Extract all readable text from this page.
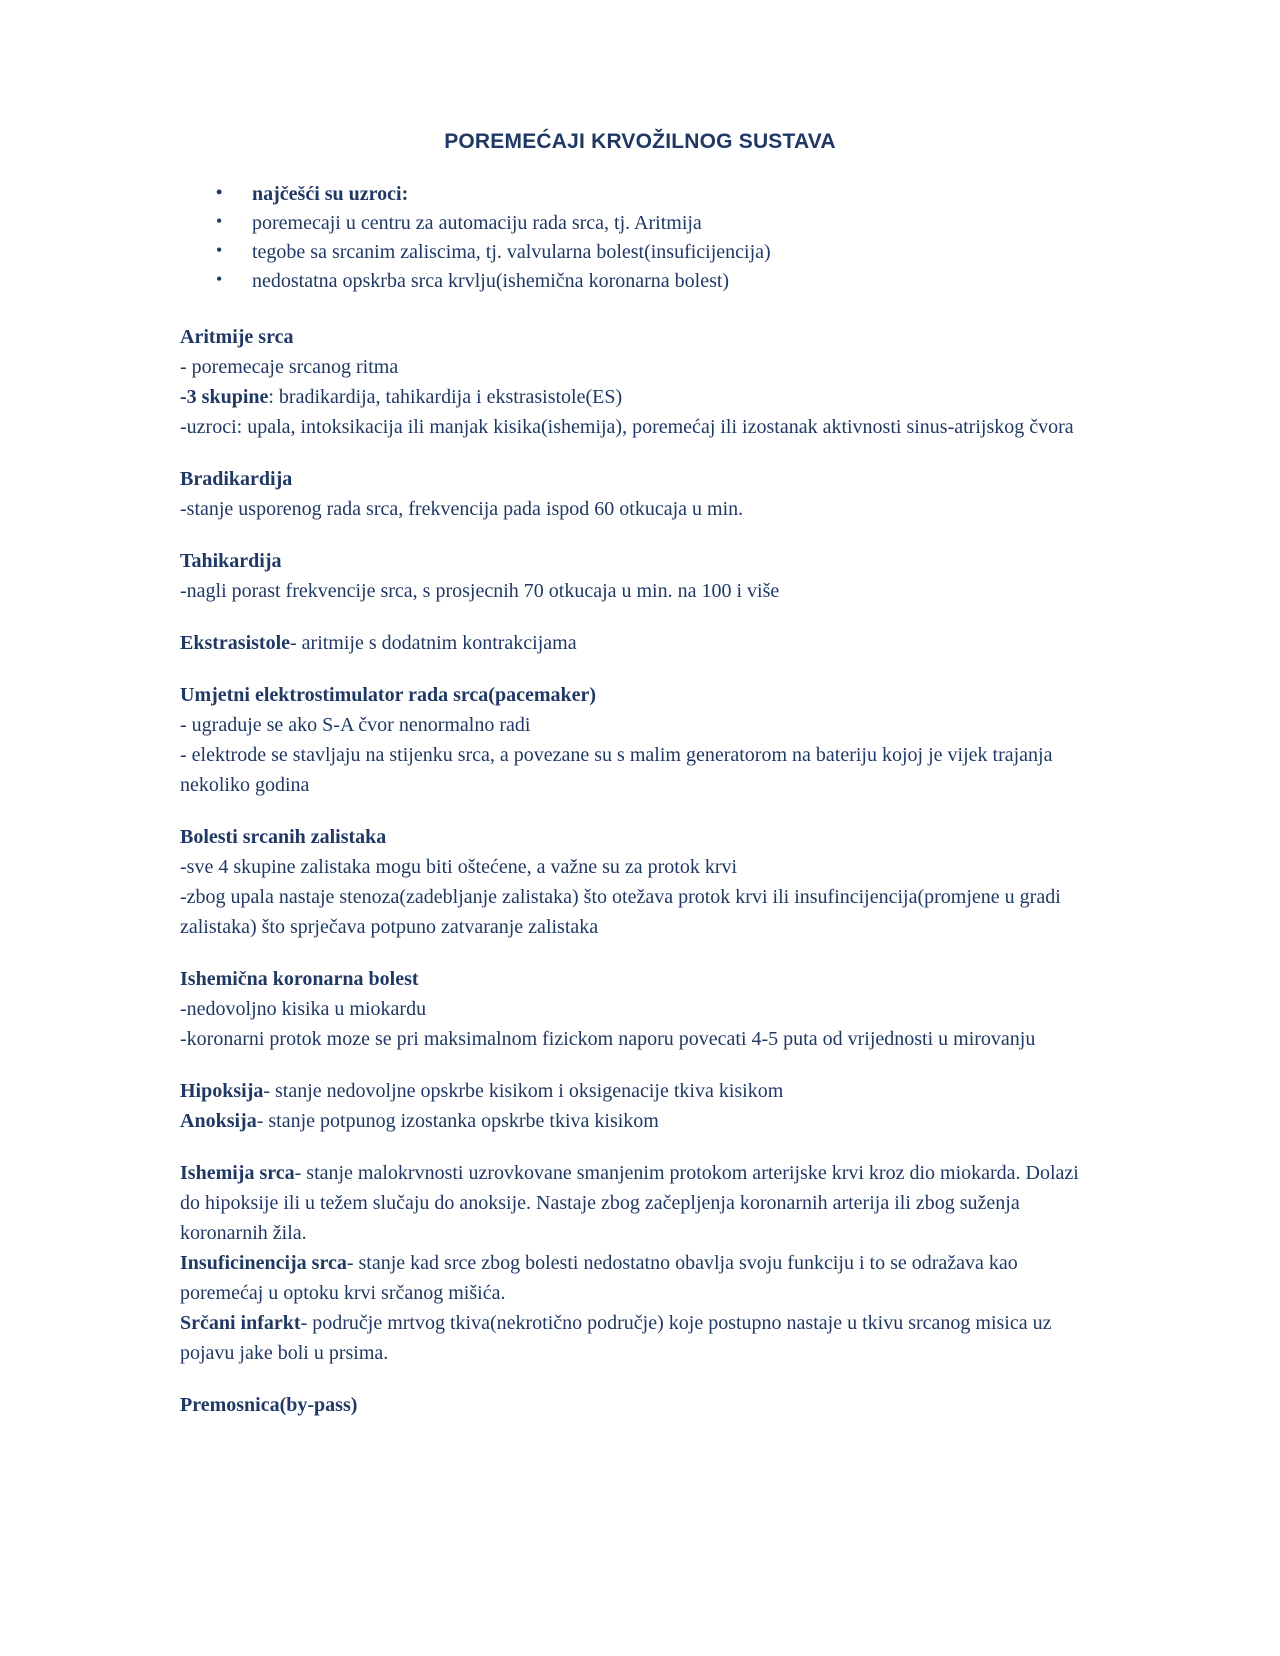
POREMEĆAJI KRVOŽILNOG SUSTAVA
• najčešći su uzroci:
• poremecaji u centru za automaciju rada srca, tj. Aritmija
• tegobe sa srcanim zaliscima, tj. valvularna bolest(insuficijencija)
• nedostatna opskrba srca krvlju(ishemična koronarna bolest)
Aritmije srca
- poremecaje srcanog ritma
-3 skupine: bradikardija, tahikardija i ekstrasistole(ES)
-uzroci: upala, intoksikacija ili manjak kisika(ishemija), poremećaj ili izostanak aktivnosti sinus-atrijskog čvora
Bradikardija
-stanje usporenog rada srca, frekvencija pada ispod 60 otkucaja u min.
Tahikardija
-nagli porast frekvencije srca, s prosjecnih 70 otkucaja u min. na 100 i više
Ekstrasistole- aritmije s dodatnim kontrakcijama
Umjetni elektrostimulator rada srca(pacemaker)
- ugraduje se ako S-A čvor nenormalno radi
- elektrode se stavljaju na stijenku srca, a povezane su s malim generatorom na bateriju kojoj je vijek trajanja nekoliko godina
Bolesti srcanih zalistaka
-sve 4 skupine zalistaka mogu biti oštećene, a važne su za protok krvi
-zbog upala nastaje stenoza(zadebljanje zalistaka) što otežava protok krvi ili insufincijencija(promjene u gradi zalistaka) što sprječava potpuno zatvaranje zalistaka
Ishemična koronarna bolest
-nedovoljno kisika u miokardu
-koronarni protok moze se pri maksimalnom fizickom naporu povecati 4-5 puta od vrijednosti u mirovanju
Hipoksija- stanje nedovoljne opskrbe kisikom i oksigenacije tkiva kisikom
Anoksija- stanje potpunog izostanka opskrbe tkiva kisikom
Ishemija srca- stanje malokrvnosti uzrovkovane smanjenim protokom arterijske krvi kroz dio miokarda. Dolazi do hipoksije ili u težem slučaju do anoksije. Nastaje zbog začepljenja koronarnih arterija ili zbog suženja koronarnih žila.
Insuficinencija srca- stanje kad srce zbog bolesti nedostatno obavlja svoju funkciju i to se odražava kao poremećaj u optoku krvi srčanog mišića.
Srčani infarkt- područje mrtvog tkiva(nekrotično područje) koje postupno nastaje u tkivu srcanog misica uz pojavu jake boli u prsima.
Premosnica(by-pass)
